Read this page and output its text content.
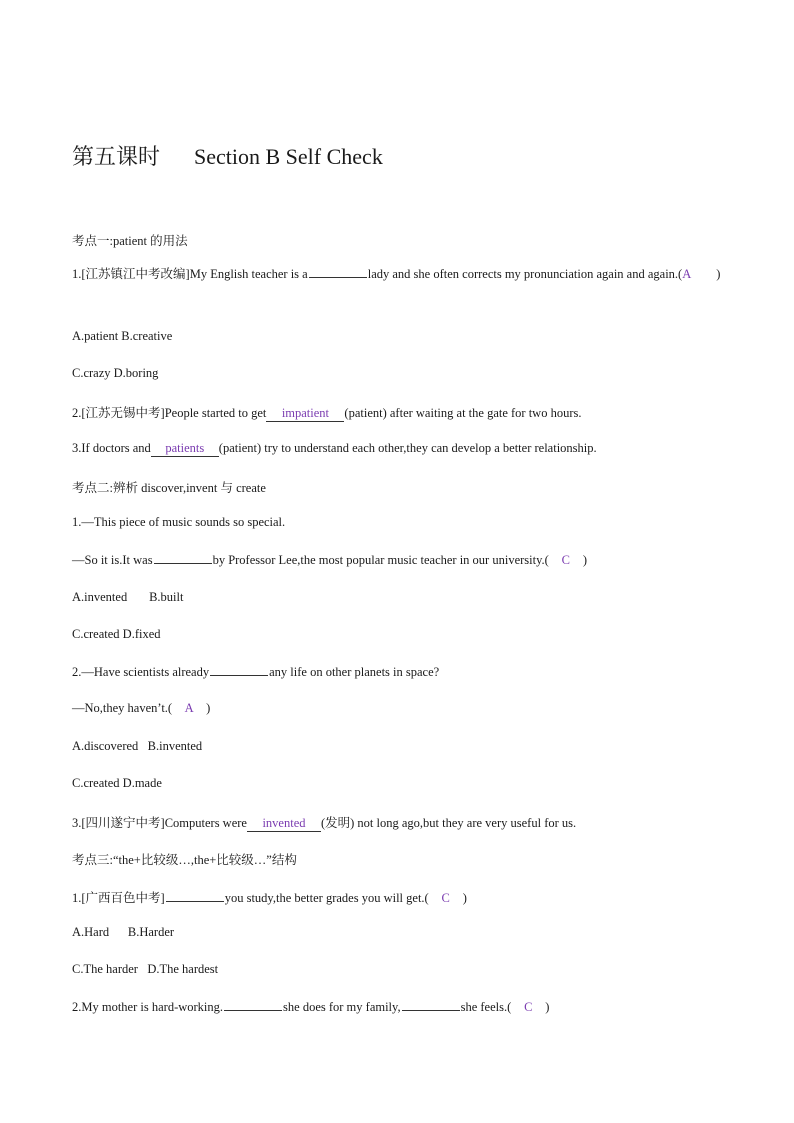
第五课时 Section B Self Check
考点一:patient 的用法
1.[江苏镇江中考改编]My English teacher is a	lady and she often corrects my pronunciation again and again.(A )
A.patient B.creative
C.crazy D.boring
2.[江苏无锡中考]People started to get impatient (patient) after waiting at the gate for two hours.
3.If doctors and patients (patient) try to understand each other,they can develop a better relationship.
考点二:辨析 discover,invent 与 create
1.—This piece of music sounds so special.
—So it is.It was	by Professor Lee,the most popular music teacher in our university.( C )
A.invented       B.built
C.created D.fixed
2.—Have scientists already	any life on other planets in space?
—No,they haven’t.( A )
A.discovered   B.invented
C.created D.made
3.[四川遂宁中考]Computers were invented (发明) not long ago,but they are very useful for us.
考点三:“the+比较级…,the+比较级…”结构
1.[广西百色中考]	you study,the better grades you will get.( C )
A.Hard      B.Harder
C.The harder   D.The hardest
2.My mother is hard-working.	she does for my family,	she feels.( C )
